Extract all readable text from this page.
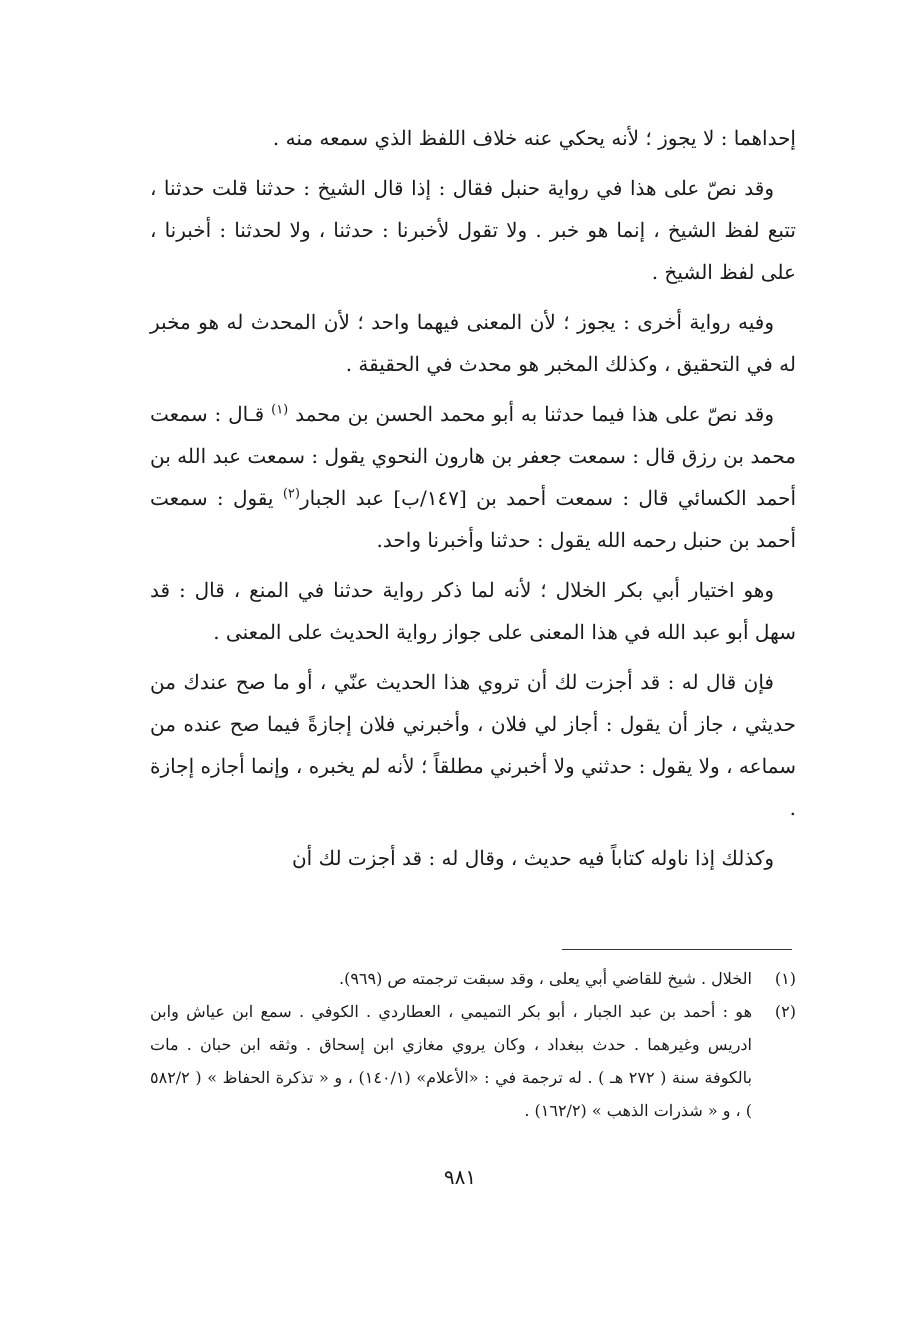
إحداهما : لا يجوز ؛ لأنه يحكي عنه خلاف اللفظ الذي سمعه منه .

وقد نصّ على هذا في رواية حنبل فقال : إذا قال الشيخ : حدثنا قلت حدثنا ، تتبع لفظ الشيخ ، إنما هو خبر . ولا تقول لأخبرنا : حدثنا ، ولا لحدثنا : أخبرنا ، على لفظ الشيخ .

وفيه رواية أخرى : يجوز ؛ لأن المعنى فيهما واحد ؛ لأن المحدث له هو مخبر له في التحقيق ، وكذلك المخبر هو محدث في الحقيقة .

وقد نصّ على هذا فيما حدثنا به أبو محمد الحسن بن محمد $^{(١)}$ قـال : سمعت محمد بن رزق قال : سمعت جعفر بن هارون النحوي يقول : سمعت عبد الله بن أحمد الكسائي قال : سمعت أحمد بن [١٤٧/ب] عبد الجبار$^{(٢)}$ يقول : سمعت أحمد بن حنبل رحمه الله يقول : حدثنا وأخبرنا واحد.

وهو اختيار أبي بكر الخلال ؛ لأنه لما ذكر رواية حدثنا في المنع ، قال : قد سهل أبو عبد الله في هذا المعنى على جواز رواية الحديث على المعنى .

فإن قال له : قد أجزت لك أن تروي هذا الحديث عنّي ، أو ما صح عندك من حديثي ، جاز أن يقول : أجاز لي فلان ، وأخبرني فلان إجازةً فيما صح عنده من سماعه ، ولا يقول : حدثني ولا أخبرني مطلقاً ؛ لأنه لم يخبره ، وإنما أجازه إجازة .

وكذلك إذا ناوله كتاباً فيه حديث ، وقال له : قد أجزت لك أن

(١)
الخلال . شيخ للقاضي أبي يعلى ، وقد سبقت ترجمته ص (٩٦٩).
(٢)
هو : أحمد بن عبد الجبار ، أبو بكر التميمي ، العطاردي . الكوفي . سمع ابن عياش وابن ادريس وغيرهما . حدث ببغداد ، وكان يروي مغازي ابن إسحاق . وثقه ابن حبان . مات بالكوفة سنة ( ٢٧٢ هـ ) . له ترجمة في : «الأعلام» (١٤٠/١) ، و « تذكرة الحفاظ » ( ٥٨٢/٢ ) ، و « شذرات الذهب » (١٦٢/٢) .
٩٨١
